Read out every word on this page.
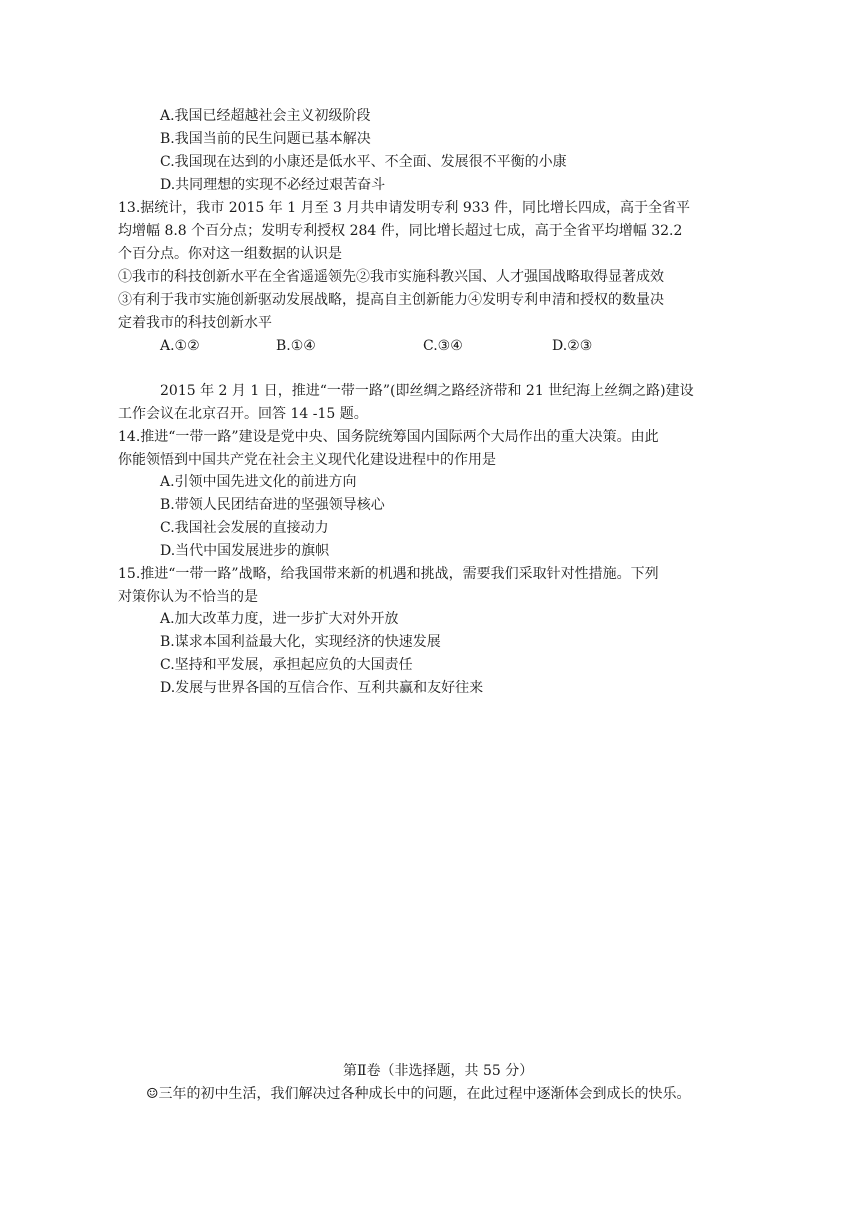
A.我国已经超越社会主义初级阶段
B.我国当前的民生问题已基本解决
C.我国现在达到的小康还是低水平、不全面、发展很不平衡的小康
D.共同理想的实现不必经过艰苦奋斗
13.据统计，我市 2015 年 1 月至 3 月共申请发明专利 933 件，同比增长四成，高于全省平
均增幅 8.8 个百分点；发明专利授权 284 件，同比增长超过七成，高于全省平均增幅 32.2
个百分点。你对这一组数据的认识是
①我市的科技创新水平在全省遥遥领先②我市实施科教兴国、人才强国战略取得显著成效
③有利于我市实施创新驱动发展战略，提高自主创新能力④发明专利申清和授权的数量决
定着我市的科技创新水平
A.①②	B.①④	C.③④	D.②③
2015 年 2 月 1 日，推进“一带一路”(即丝绸之路经济带和 21 世纪海上丝绸之路)建设
工作会议在北京召开。回答 14 -15 题。
14.推进“一带一路”建设是党中央、国务院统筹国内国际两个大局作出的重大决策。由此
你能领悟到中国共产党在社会主义现代化建设进程中的作用是
A.引领中国先进文化的前进方向
B.带领人民团结奋进的坚强领导核心
C.我国社会发展的直接动力
D.当代中国发展进步的旗帜
15.推进“一带一路”战略，给我国带来新的机遇和挑战，需要我们采取针对性措施。下列
对策你认为不恰当的是
A.加大改革力度，进一步扩大对外开放
B.谋求本国利益最大化，实现经济的快速发展
C.坚持和平发展，承担起应负的大国责任
D.发展与世界各国的互信合作、互利共赢和友好往来
第Ⅱ卷（非选择题，共 55 分）
☺三年的初中生活，我们解决过各种成长中的问题，在此过程中逐渐体会到成长的快乐。
